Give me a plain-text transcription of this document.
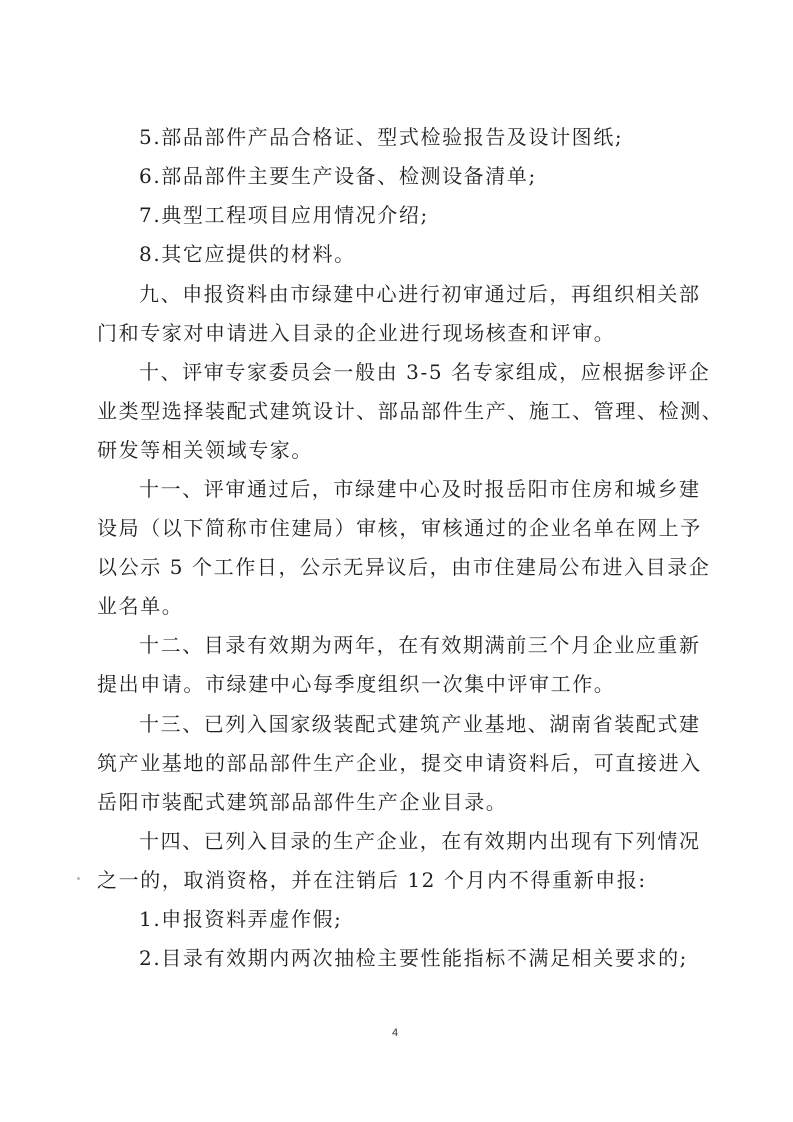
5.部品部件产品合格证、型式检验报告及设计图纸;
6.部品部件主要生产设备、检测设备清单;
7.典型工程项目应用情况介绍;
8.其它应提供的材料。
九、申报资料由市绿建中心进行初审通过后，再组织相关部
门和专家对申请进入目录的企业进行现场核查和评审。
十、评审专家委员会一般由 3-5 名专家组成，应根据参评企
业类型选择装配式建筑设计、部品部件生产、施工、管理、检测、
研发等相关领域专家。
十一、评审通过后，市绿建中心及时报岳阳市住房和城乡建
设局（以下简称市住建局）审核，审核通过的企业名单在网上予
以公示 5 个工作日，公示无异议后，由市住建局公布进入目录企
业名单。
十二、目录有效期为两年，在有效期满前三个月企业应重新
提出申请。市绿建中心每季度组织一次集中评审工作。
十三、已列入国家级装配式建筑产业基地、湖南省装配式建
筑产业基地的部品部件生产企业，提交申请资料后，可直接进入
岳阳市装配式建筑部品部件生产企业目录。
十四、已列入目录的生产企业，在有效期内出现有下列情况
之一的，取消资格，并在注销后 12 个月内不得重新申报:
1.申报资料弄虚作假;
2.目录有效期内两次抽检主要性能指标不满足相关要求的;
4
